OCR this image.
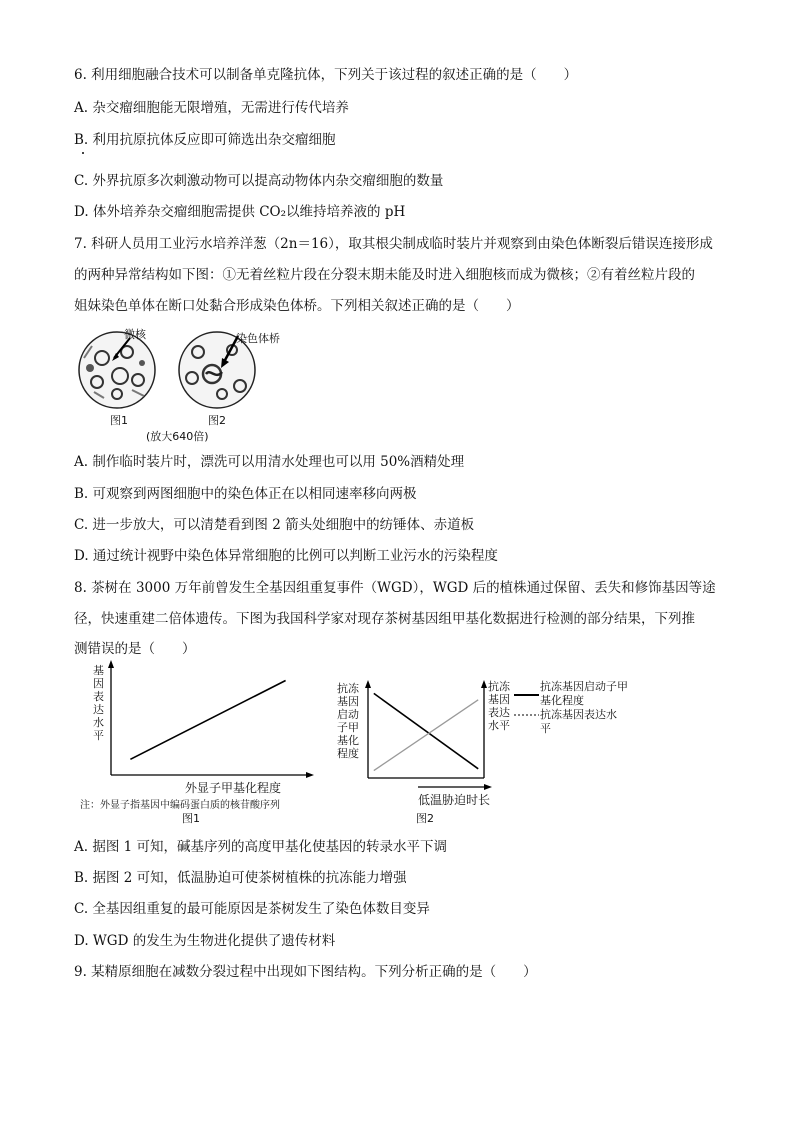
6. 利用细胞融合技术可以制备单克隆抗体，下列关于该过程的叙述正确的是（　　）
A. 杂交瘤细胞能无限增殖，无需进行传代培养
B. 利用抗原抗体反应即可筛选出杂交瘤细胞
C. 外界抗原多次刺激动物可以提高动物体内杂交瘤细胞的数量
D. 体外培养杂交瘤细胞需提供 CO₂以维持培养液的 pH
7. 科研人员用工业污水培养洋葱（2n＝16），取其根尖制成临时装片并观察到由染色体断裂后错误连接形成
的两种异常结构如下图：①无着丝粒片段在分裂末期未能及时进入细胞核而成为微核；②有着丝粒片段的
姐妹染色单体在断口处黏合形成染色体桥。下列相关叙述正确的是（　　）
微核	染色体桥
图1	图2
(放大640倍)
A. 制作临时装片时，漂洗可以用清水处理也可以用 50%酒精处理
B. 可观察到两图细胞中的染色体正在以相同速率移向两极
C. 进一步放大，可以清楚看到图 2 箭头处细胞中的纺锤体、赤道板
D. 通过统计视野中染色体异常细胞的比例可以判断工业污水的污染程度
8. 茶树在 3000 万年前曾发生全基因组重复事件（WGD），WGD 后的植株通过保留、丢失和修饰基因等途
径，快速重建二倍体遗传。下图为我国科学家对现存茶树基因组甲基化数据进行检测的部分结果，下列推
测错误的是（　　）
基因表达水平
外显子甲基化程度
注：外显子指基因中编码蛋白质的核苷酸序列
图1
抗冻基因启动子甲基化程度
抗冻基因表达水平
抗冻基因启动子甲基化程度
抗冻基因表达水平
低温胁迫时长
图2
A. 据图 1 可知，碱基序列的高度甲基化使基因的转录水平下调
B. 据图 2 可知，低温胁迫可使茶树植株的抗冻能力增强
C. 全基因组重复的最可能原因是茶树发生了染色体数目变异
D. WGD 的发生为生物进化提供了遗传材料
9. 某精原细胞在减数分裂过程中出现如下图结构。下列分析正确的是（　　）
